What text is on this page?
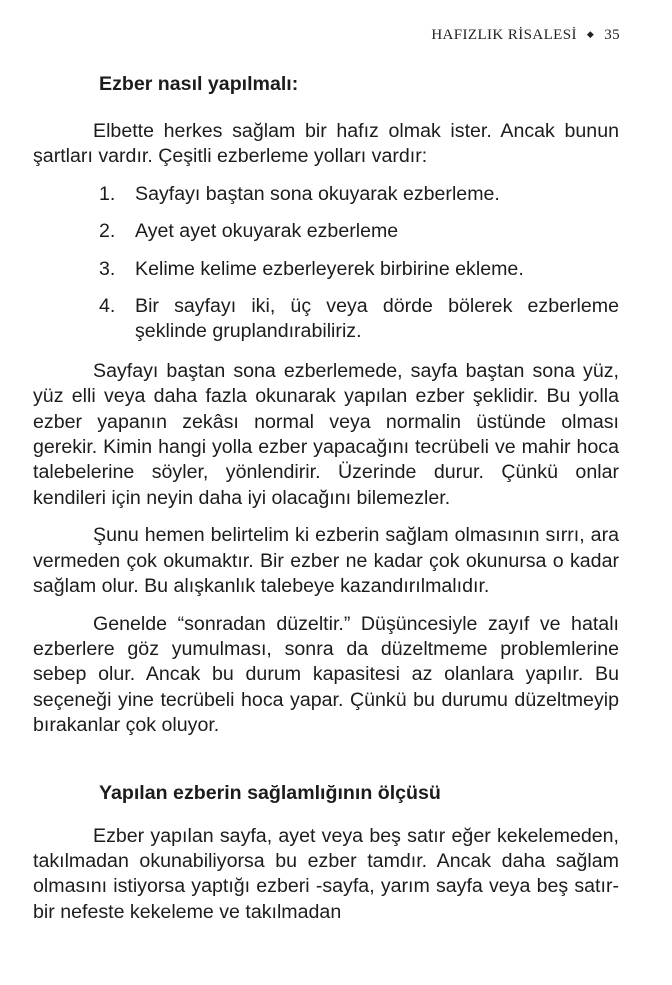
HAFIZLIK RİSALESİ ◆ 35
Ezber nasıl yapılmalı:

Elbette herkes sağlam bir hafız olmak ister. Ancak bunun şartları vardır. Çeşitli ezberleme yolları vardır:

1. Sayfayı baştan sona okuyarak ezberleme.
2. Ayet ayet okuyarak ezberleme
3. Kelime kelime ezberleyerek birbirine ekleme.
4. Bir sayfayı iki, üç veya dörde bölerek ezberleme şeklinde gruplandırabiliriz.

Sayfayı baştan sona ezberlemede, sayfa baştan sona yüz, yüz elli veya daha fazla okunarak yapılan ezber şeklidir. Bu yolla ezber yapanın zekâsı normal veya normalin üstünde olması gerekir. Kimin hangi yolla ezber yapacağını tecrübeli ve mahir hoca talebelerine söyler, yönlendirir. Üzerinde durur. Çünkü onlar kendileri için neyin daha iyi olacağını bilemezler.

Şunu hemen belirtelim ki ezberin sağlam olmasının sırrı, ara vermeden çok okumaktır. Bir ezber ne kadar çok okunursa o kadar sağlam olur. Bu alışkanlık talebeye kazandırılmalıdır.

Genelde “sonradan düzeltir.” Düşüncesiyle zayıf ve hatalı ezberlere göz yumulması, sonra da düzeltmeme problemlerine sebep olur. Ancak bu durum kapasitesi az olanlara yapılır. Bu seçeneği yine tecrübeli hoca yapar. Çünkü bu durumu düzeltmeyip bırakanlar çok oluyor.

Yapılan ezberin sağlamlığının ölçüsü

Ezber yapılan sayfa, ayet veya beş satır eğer kekelemeden, takılmadan okunabiliyorsa bu ezber tamdır. Ancak daha sağlam olmasını istiyorsa yaptığı ezberi -sayfa, yarım sayfa veya beş satır- bir nefeste kekeleme ve takılmadan
